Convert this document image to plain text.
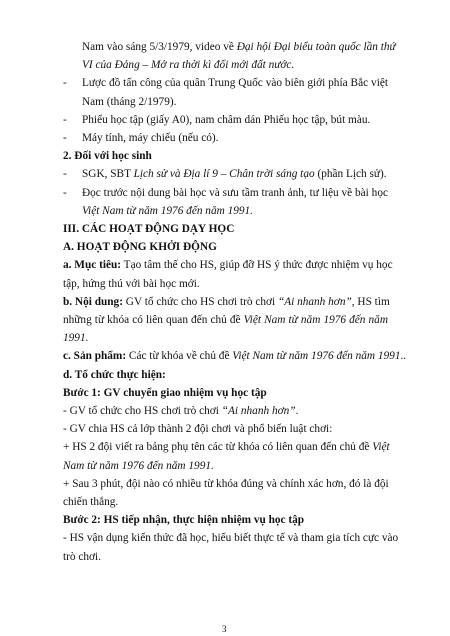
Nam vào sáng 5/3/1979, video về Đại hội Đại biểu toàn quốc lần thứ
VI của Đảng – Mở ra thời kì đổi mới đất nước.
- Lược đồ tấn công của quân Trung Quốc vào biên giới phía Bắc việt
Nam (tháng 2/1979).
- Phiếu học tập (giấy A0), nam châm dán Phiếu học tập, bút màu.
- Máy tính, máy chiếu (nếu có).
2. Đối với học sinh
- SGK, SBT Lịch sử và Địa lí 9 – Chân trời sáng tạo (phần Lịch sử).
- Đọc trước nội dung bài học và sưu tầm tranh ảnh, tư liệu về bài học
Việt Nam từ năm 1976 đến năm 1991.
III. CÁC HOẠT ĐỘNG DẠY HỌC
A. HOẠT ĐỘNG KHỞI ĐỘNG
a. Mục tiêu: Tạo tâm thế cho HS, giúp đỡ HS ý thức được nhiệm vụ học
tập, hứng thú với bài học mới.
b. Nội dung: GV tổ chức cho HS chơi trò chơi “Ai nhanh hơn”, HS tìm
những từ khóa có liên quan đến chủ đề Việt Nam từ năm 1976 đến năm
1991.
c. Sản phẩm: Các từ khóa về chủ đề Việt Nam từ năm 1976 đến năm 1991..
d. Tổ chức thực hiện:
Bước 1: GV chuyển giao nhiệm vụ học tập
- GV tổ chức cho HS chơi trò chơi “Ai nhanh hơn”.
- GV chia HS cả lớp thành 2 đội chơi và phổ biến luật chơi:
+ HS 2 đội viết ra bảng phụ tên các từ khóa có liên quan đến chủ đề Việt
Nam từ năm 1976 đến năm 1991.
+ Sau 3 phút, đội nào có nhiều từ khóa đúng và chính xác hơn, đó là đội
chiến thắng.
Bước 2: HS tiếp nhận, thực hiện nhiệm vụ học tập
3
- HS vận dụng kiến thức đã học, hiểu biết thực tế và tham gia tích cực vào
trò chơi.
